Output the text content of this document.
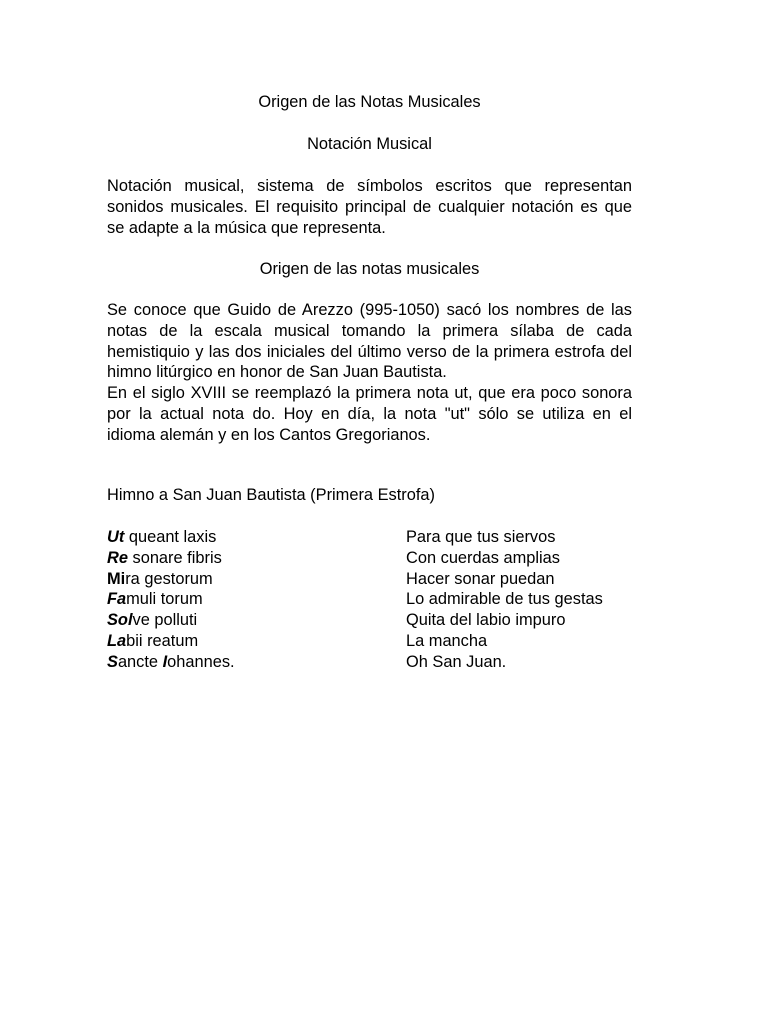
Origen de las Notas Musicales
Notación Musical
Notación musical, sistema de símbolos escritos que representan
sonidos musicales. El requisito principal de cualquier notación es que
se adapte a la música que representa.
Origen de las notas musicales
Se conoce que Guido de Arezzo (995-1050) sacó los nombres de las
notas de la escala musical tomando la primera sílaba de cada
hemistiquio y las dos iniciales del último verso de la primera estrofa del
himno litúrgico en honor de San Juan Bautista.
En el siglo XVIII se reemplazó la primera nota ut, que era poco sonora
por la actual nota do. Hoy en día, la nota "ut" sólo se utiliza en el
idioma alemán y en los Cantos Gregorianos.
Himno a San Juan Bautista (Primera Estrofa)
Ut queant laxis	Para que tus siervos
Re sonare fibris	Con cuerdas amplias
Mira gestorum	Hacer sonar puedan
Famuli torum	Lo admirable de tus gestas
Solve polluti	Quita del labio impuro
Labii reatum	La mancha
Sancte Iohannes.	Oh San Juan.
